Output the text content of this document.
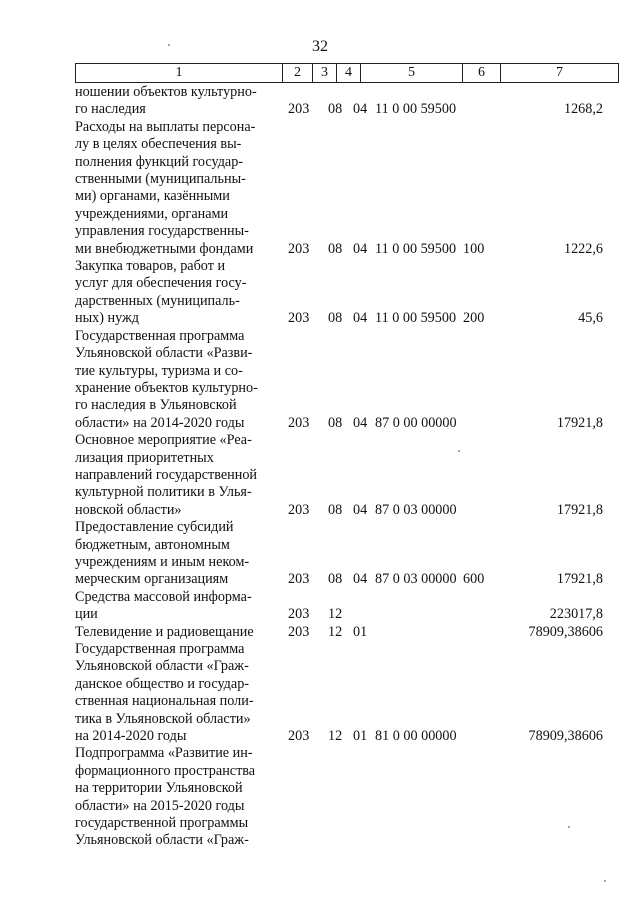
32
1	2	3	4	5	6	7
ношении объектов культурно-
го наследия	203 08 04 11 0 00 59500	1268,2
Расходы на выплаты персона-
лу в целях обеспечения вы-
полнения функций государ-
ственными (муниципальны-
ми) органами, казёнными
учреждениями, органами
управления государственны-
ми внебюджетными фондами	203 08 04 11 0 00 59500 100	1222,6
Закупка товаров, работ и
услуг для обеспечения госу-
дарственных (муниципаль-
ных) нужд	203 08 04 11 0 00 59500 200	45,6
Государственная программа
Ульяновской области «Разви-
тие культуры, туризма и со-
хранение объектов культурно-
го наследия в Ульяновской
области» на 2014-2020 годы	203 08 04 87 0 00 00000	17921,8
Основное мероприятие «Реа-
лизация приоритетных
направлений государственной
культурной политики в Улья-
новской области»	203 08 04 87 0 03 00000	17921,8
Предоставление субсидий
бюджетным, автономным
учреждениям и иным неком-
мерческим организациям	203 08 04 87 0 03 00000 600	17921,8
Средства массовой информа-
ции	203 12	223017,8
Телевидение и радиовещание	203 12 01	78909,38606
Государственная программа
Ульяновской области «Граж-
данское общество и государ-
ственная национальная поли-
тика в Ульяновской области»
на 2014-2020 годы	203 12 01 81 0 00 00000	78909,38606
Подпрограмма «Развитие ин-
формационного пространства
на территории Ульяновской
области» на 2015-2020 годы
государственной программы
Ульяновской области «Граж-
